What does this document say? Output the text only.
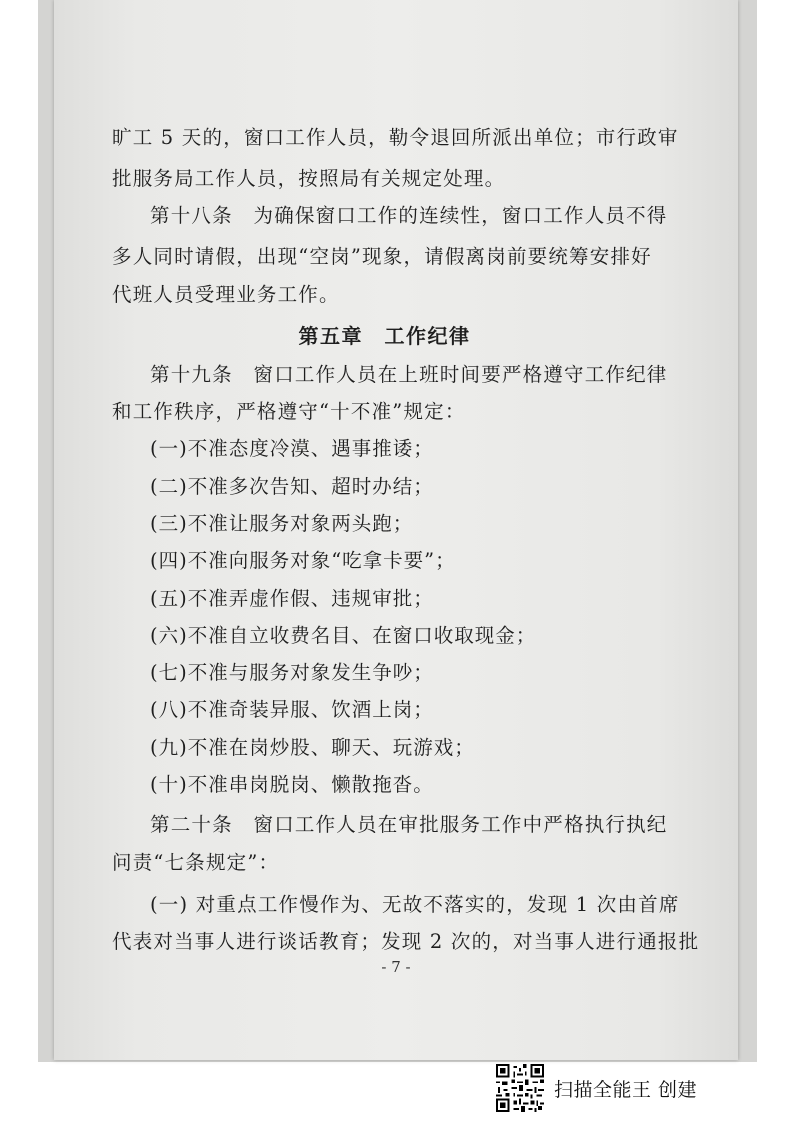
旷工 5 天的，窗口工作人员，勒令退回所派出单位；市行政审
批服务局工作人员，按照局有关规定处理。
第十八条　为确保窗口工作的连续性，窗口工作人员不得
多人同时请假，出现“空岗”现象，请假离岗前要统筹安排好
代班人员受理业务工作。
第五章　工作纪律
第十九条　窗口工作人员在上班时间要严格遵守工作纪律
和工作秩序，严格遵守“十不准”规定：
(一)不准态度冷漠、遇事推诿；
(二)不准多次告知、超时办结；
(三)不准让服务对象两头跑；
(四)不准向服务对象“吃拿卡要”；
(五)不准弄虚作假、违规审批；
(六)不准自立收费名目、在窗口收取现金；
(七)不准与服务对象发生争吵；
(八)不准奇装异服、饮酒上岗；
(九)不准在岗炒股、聊天、玩游戏；
(十)不准串岗脱岗、懒散拖沓。
第二十条　窗口工作人员在审批服务工作中严格执行执纪
问责“七条规定”：
(一) 对重点工作慢作为、无故不落实的，发现 1 次由首席
代表对当事人进行谈话教育；发现 2 次的，对当事人进行通报批
- 7 -
扫描全能王 创建
